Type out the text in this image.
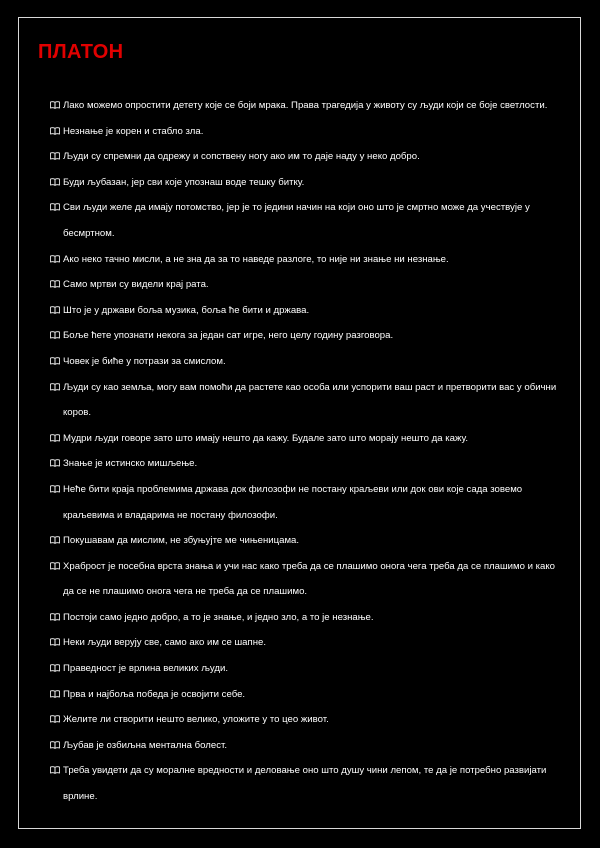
ПЛАТОН
Лако можемо опростити детету које се боји мрака. Права трагедија у животу су људи који се боје светлости.
Незнање је корен и стабло зла.
Људи су спремни да одрежу и сопствену ногу ако им то даје наду у неко добро.
Буди љубазан, јер сви које упознаш воде тешку битку.
Сви људи желе да имају потомство, јер је то једини начин на који оно што је смртно може да учествује у бесмртном.
Ако неко тачно мисли, а не зна да за то наведе разлоге, то није ни знање ни незнање.
Само мртви су видели крај рата.
Што је у држави боља музика, боља ће бити и држава.
Боље ћете упознати некога за један сат игре, него целу годину разговора.
Човек је биће у потрази за смислом.
Људи су као земља, могу вам помоћи да растете као особа или успорити ваш раст и претворити вас у обични коров.
Мудри људи говоре зато што имају нешто да кажу. Будале зато што морају нешто да кажу.
Знање је истинско мишљење.
Неће бити краја проблемима држава док филозофи не постану краљеви или док ови које сада зовемо краљевима и владарима не постану филозофи.
Покушавам да мислим, не збуњујте ме чињеницама.
Храброст је посебна врста знања и учи нас како треба да се плашимо онога чега треба да се плашимо и како да се не плашимо онога чега не треба да се плашимо.
Постоји само једно добро, а то је знање, и једно зло, а то је незнање.
Неки људи верују све, само ако им се шапне.
Праведност је врлина великих људи.
Прва и најбоља победа је освојити себе.
Желите ли створити нешто велико, уложите у то цео живот.
Љубав је озбиљна ментална болест.
Треба увидети да су моралне вредности и деловање оно што душу чини лепом, те да је потребно развијати врлине.
